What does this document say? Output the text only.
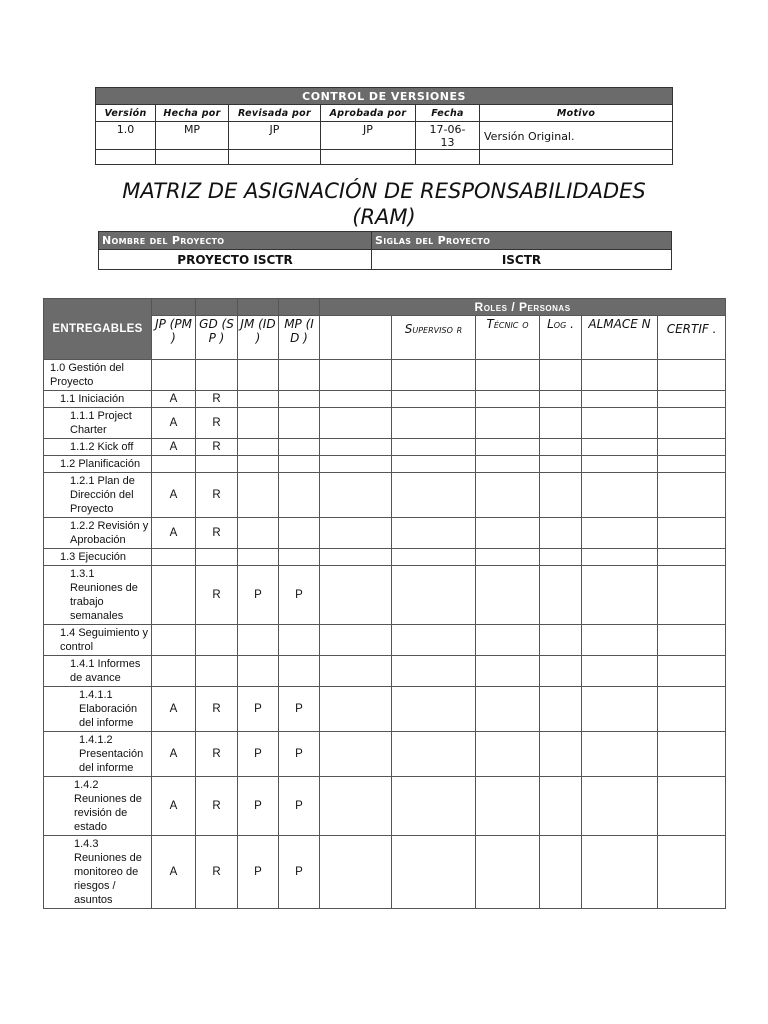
CONTROL DE VERSIONES					
Versión	Hecha por	Revisada por	Aprobada por	Fecha	Motivo
1.0	MP	JP	JP	17-06-13	Versión Original.

MATRIZ DE ASIGNACIÓN DE RESPONSABILIDADES
(RAM)
Nombre del Proyecto	Siglas del Proyecto
PROYECTO ISCTR	ISCTR
ENTREGABLES					Roles / Personas					
	JP (PM )	GD (SP )	JM (ID )	MP (ID )		Superviso r	Técnic o	Log .	ALMACE N	CERTIF .
1.0 Gestión del Proyecto										
1.1 Iniciación	A	R								
1.1.1 Project Charter	A	R								
1.1.2 Kick off	A	R								
1.2 Planificación										
1.2.1 Plan de Dirección del Proyecto	A	R								
1.2.2 Revisión y Aprobación	A	R								
1.3 Ejecución										
1.3.1 Reuniones de trabajo semanales		R	P	P						
1.4 Seguimiento y control										
1.4.1 Informes de avance										
1.4.1.1 Elaboración del informe	A	R	P	P						
1.4.1.2 Presentación del informe	A	R	P	P						
1.4.2 Reuniones de revisión de estado	A	R	P	P						
1.4.3 Reuniones de monitoreo de riesgos / asuntos	A	R	P	P						
